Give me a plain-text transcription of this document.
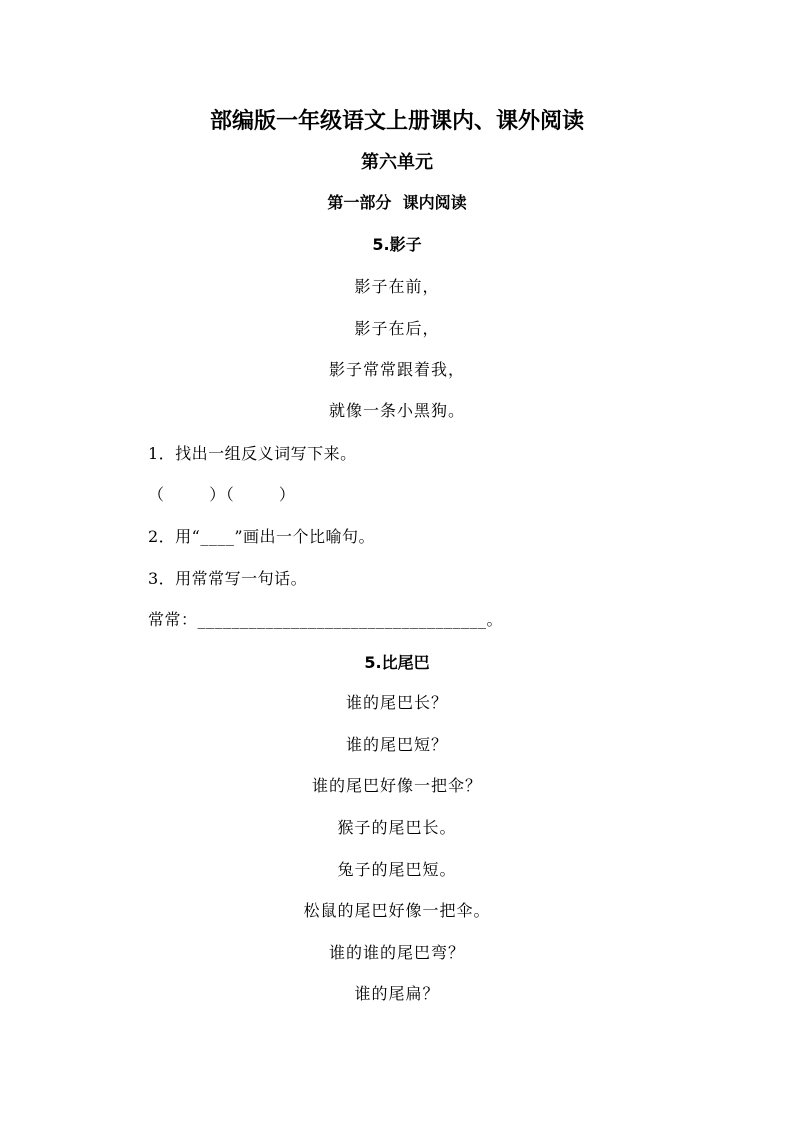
部编版一年级语文上册课内、课外阅读
第六单元
第一部分  课内阅读
5.影子
影子在前，
影子在后，
影子常常跟着我，
就像一条小黑狗。
1．找出一组反义词写下来。
（        ）（        ）
2．用“____”画出一个比喻句。
3．用常常写一句话。
常常：__________________________________。
5.比尾巴
谁的尾巴长？
谁的尾巴短？
谁的尾巴好像一把伞？
猴子的尾巴长。
兔子的尾巴短。
松鼠的尾巴好像一把伞。
谁的谁的尾巴弯？
谁的尾扁？
